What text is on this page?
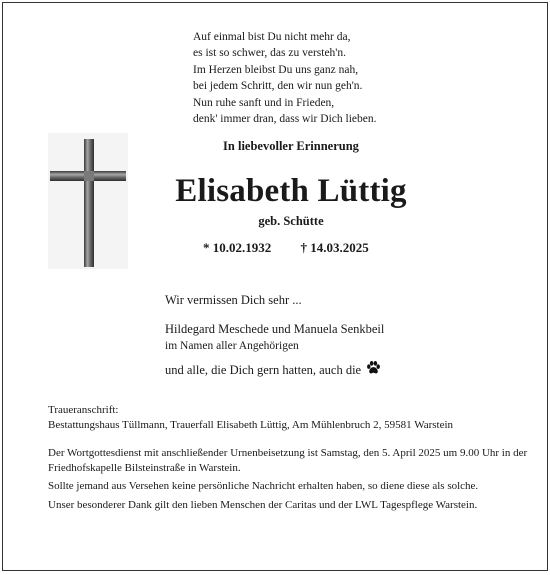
Auf einmal bist Du nicht mehr da,
es ist so schwer, das zu versteh'n.
Im Herzen bleibst Du uns ganz nah,
bei jedem Schritt, den wir nun geh'n.
Nun ruhe sanft und in Frieden,
denk' immer dran, dass wir Dich lieben.
In liebevoller Erinnerung
Elisabeth Lüttig
geb. Schütte
* 10.02.1932 † 14.03.2025
Wir vermissen Dich sehr ...
Hildegard Meschede und Manuela Senkbeil
im Namen aller Angehörigen
und alle, die Dich gern hatten, auch die

Traueranschrift:

Bestattungshaus Tüllmann, Trauerfall Elisabeth Lüttig, Am Mühlenbruch 2, 59581 Warstein

Der Wortgottesdienst mit anschließender Urnenbeisetzung ist Samstag, den 5. April 2025 um 9.00 Uhr in der Friedhofskapelle Bilsteinstraße in Warstein.

Sollte jemand aus Versehen keine persönliche Nachricht erhalten haben, so diene diese als solche.

Unser besonderer Dank gilt den lieben Menschen der Caritas und der LWL Tagespflege Warstein.
